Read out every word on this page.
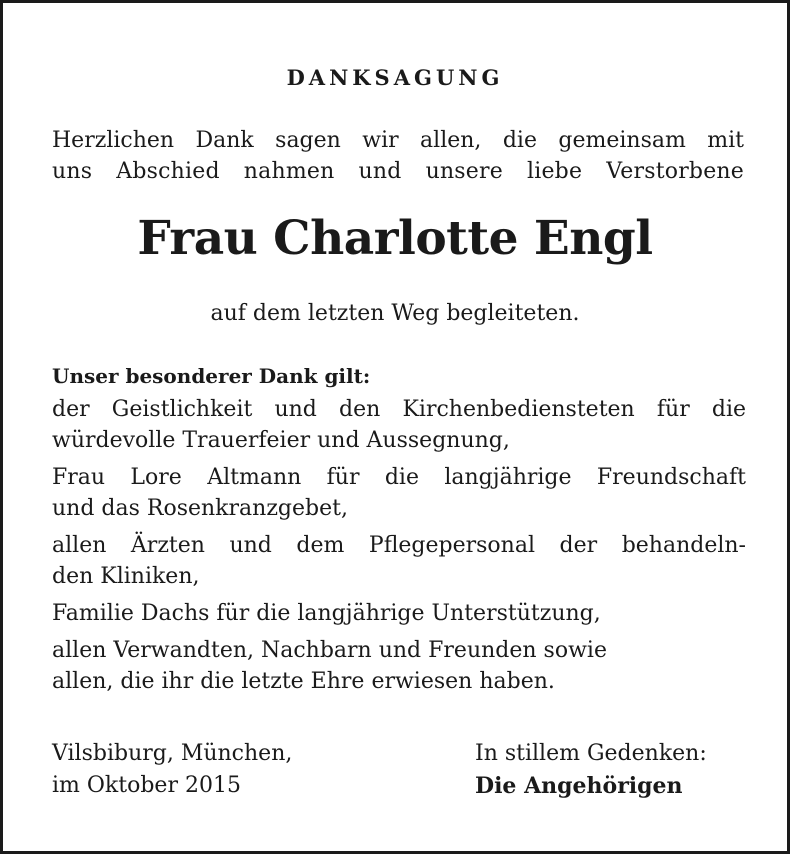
DANKSAGUNG
Herzlichen Dank sagen wir allen, die gemeinsam mit
uns Abschied nahmen und unsere liebe Verstorbene
Frau Charlotte Engl
auf dem letzten Weg begleiteten.
Unser besonderer Dank gilt:
der Geistlichkeit und den Kirchenbediensteten für die
würdevolle Trauerfeier und Aussegnung,
Frau Lore Altmann für die langjährige Freundschaft
und das Rosenkranzgebet,
allen Ärzten und dem Pflegepersonal der behandeln-
den Kliniken,
Familie Dachs für die langjährige Unterstützung,
allen Verwandten, Nachbarn und Freunden sowie
allen, die ihr die letzte Ehre erwiesen haben.
Vilsbiburg, München,
im Oktober 2015
In stillem Gedenken:
Die Angehörigen
